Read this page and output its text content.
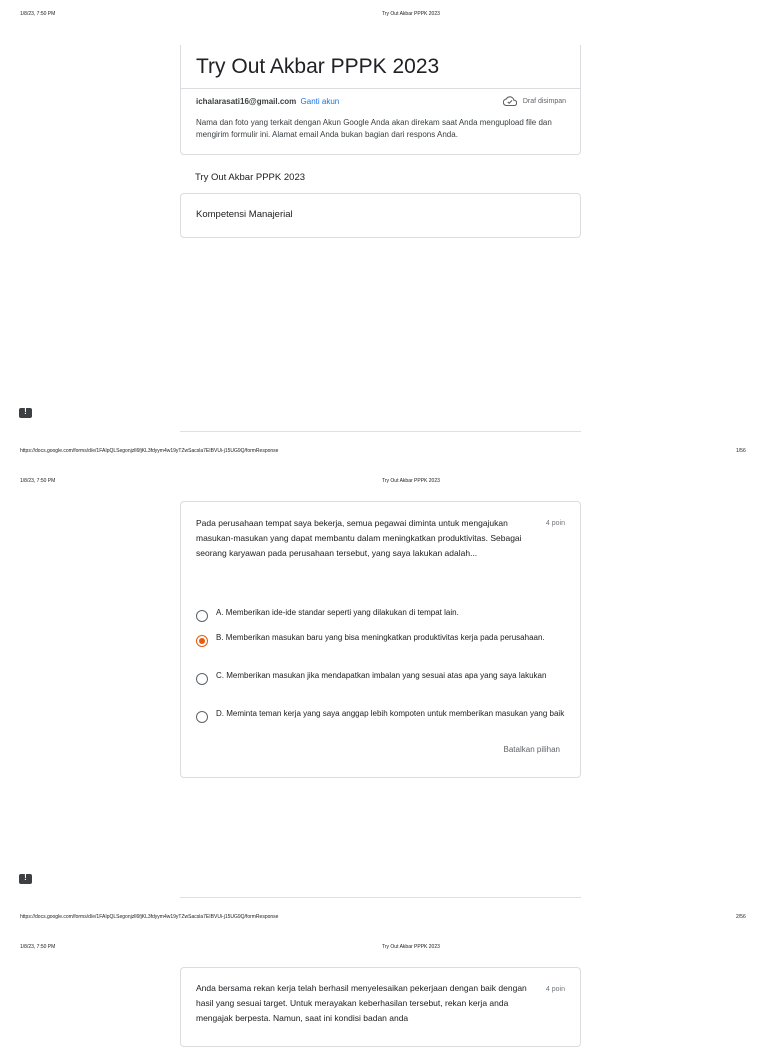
1/8/23, 7:50 PM	Try Out Akbar PPPK 2023
Try Out Akbar PPPK 2023
ichalarasati16@gmail.com Ganti akun	Draf disimpan
Nama dan foto yang terkait dengan Akun Google Anda akan direkam saat Anda mengupload file dan mengirim formulir ini. Alamat email Anda bukan bagian dari respons Anda.
Try Out Akbar PPPK 2023
Kompetensi Manajerial
!
https://docs.google.com/forms/d/e/1FAIpQLSegonjzll6fjKL3fdyym4w19yTZwSacsla7EIBVUi-j15UG9Q/formResponse	1/56
1/8/23, 7:50 PM	Try Out Akbar PPPK 2023
Pada perusahaan tempat saya bekerja, semua pegawai diminta untuk mengajukan masukan-masukan yang dapat membantu dalam meningkatkan produktivitas. Sebagai seorang karyawan pada perusahaan tersebut, yang saya lakukan adalah...
4 poin
A. Memberikan ide-ide standar seperti yang dilakukan di tempat lain.
B. Memberikan masukan baru yang bisa meningkatkan produktivitas kerja pada perusahaan.
C. Memberikan masukan jika mendapatkan imbalan yang sesuai atas apa yang saya lakukan
D. Meminta teman kerja yang saya anggap lebih kompoten untuk memberikan masukan yang baik
Batalkan pilihan
!
https://docs.google.com/forms/d/e/1FAIpQLSegonjzll6fjKL3fdyym4w19yTZwSacsla7EIBVUi-j15UG9Q/formResponse	2/56
1/8/23, 7:50 PM	Try Out Akbar PPPK 2023
Anda bersama rekan kerja telah berhasil menyelesaikan pekerjaan dengan baik dengan hasil yang sesuai target. Untuk merayakan keberhasilan tersebut, rekan kerja anda mengajak berpesta. Namun, saat ini kondisi badan anda
4 poin
